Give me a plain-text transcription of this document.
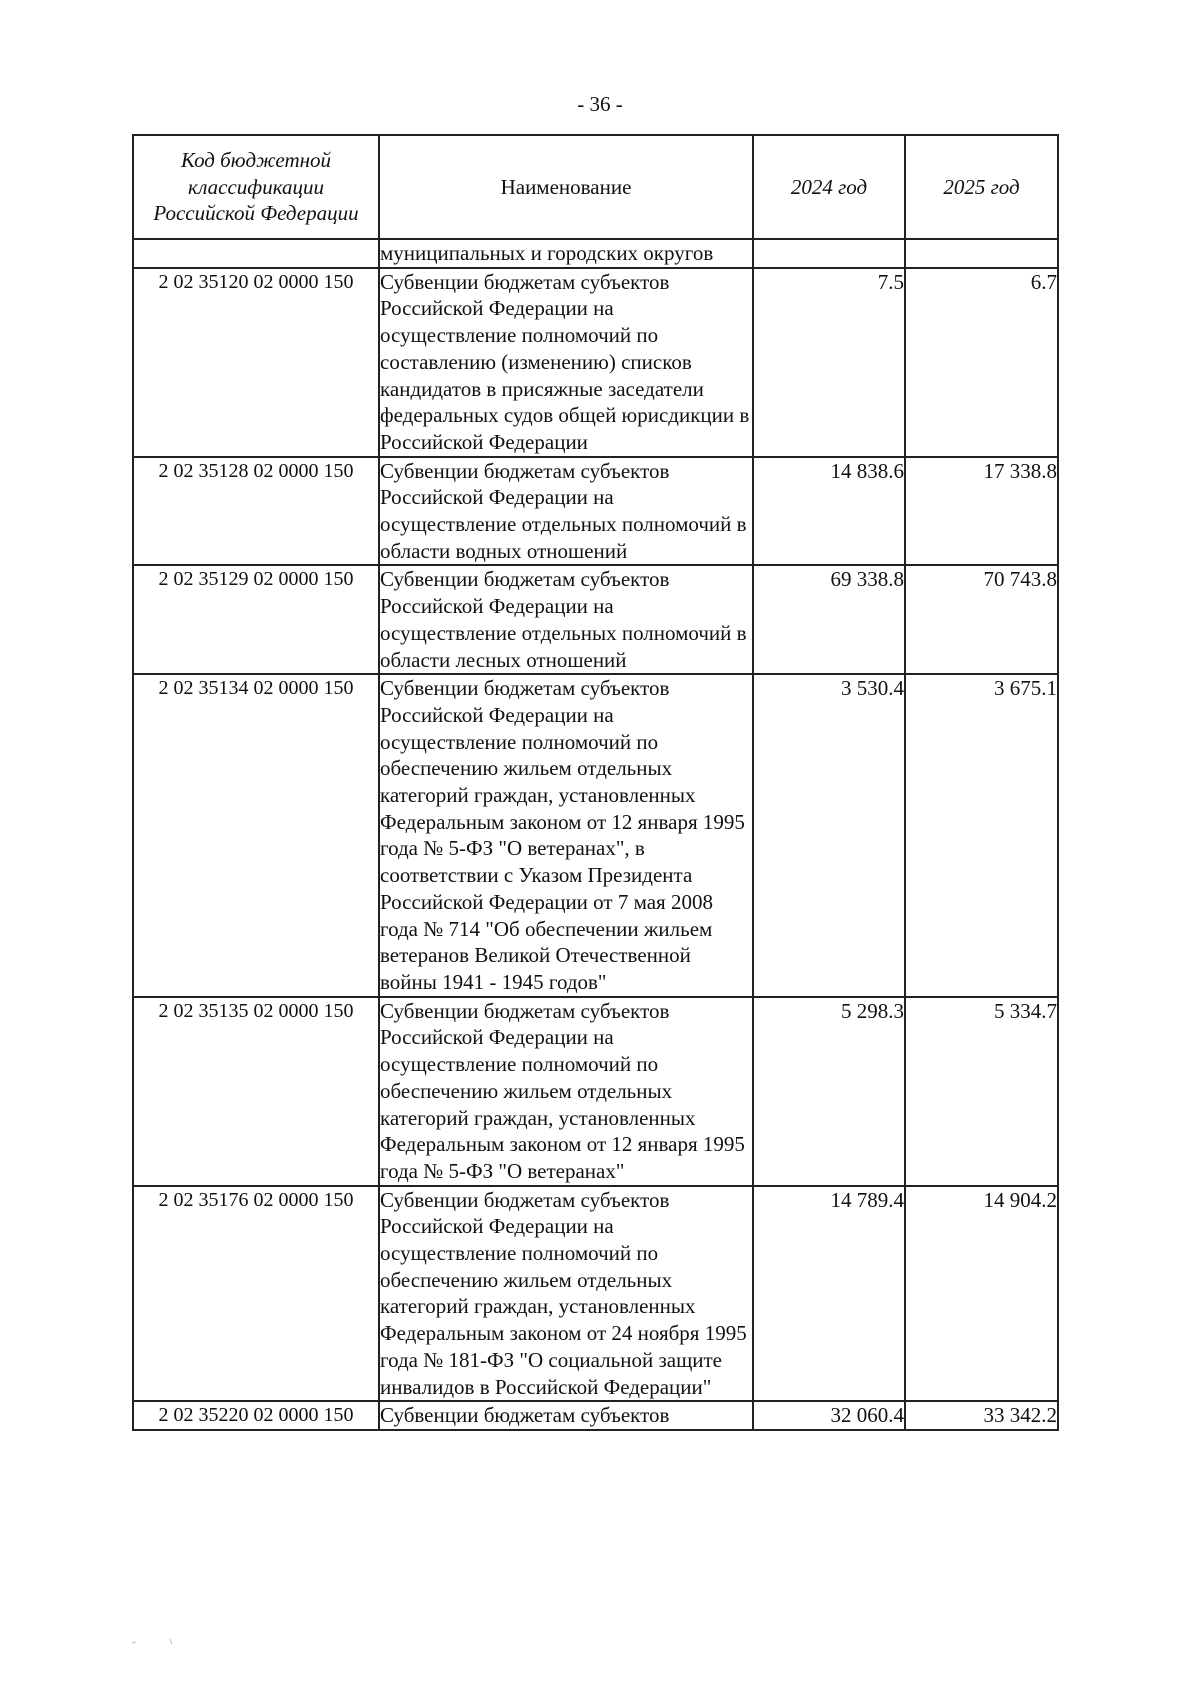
- 36 -
Код бюджетной классификации Российской Федерации	Наименование	2024 год	2025 год
	муниципальных и городских округов		
2 02 35120 02 0000 150	Субвенции бюджетам субъектов Российской Федерации на осуществление полномочий по составлению (изменению) списков кандидатов в присяжные заседатели федеральных судов общей юрисдикции в Российской Федерации	7.5	6.7
2 02 35128 02 0000 150	Субвенции бюджетам субъектов Российской Федерации на осуществление отдельных полномочий в области водных отношений	14 838.6	17 338.8
2 02 35129 02 0000 150	Субвенции бюджетам субъектов Российской Федерации на осуществление отдельных полномочий в области лесных отношений	69 338.8	70 743.8
2 02 35134 02 0000 150	Субвенции бюджетам субъектов Российской Федерации на осуществление полномочий по обеспечению жильем отдельных категорий граждан, установленных Федеральным законом от 12 января 1995 года № 5-ФЗ "О ветеранах", в соответствии с Указом Президента Российской Федерации от 7 мая 2008 года № 714 "Об обеспечении жильем ветеранов Великой Отечественной войны 1941 - 1945 годов"	3 530.4	3 675.1
2 02 35135 02 0000 150	Субвенции бюджетам субъектов Российской Федерации на осуществление полномочий по обеспечению жильем отдельных категорий граждан, установленных Федеральным законом от 12 января 1995 года № 5-ФЗ "О ветеранах"	5 298.3	5 334.7
2 02 35176 02 0000 150	Субвенции бюджетам субъектов Российской Федерации на осуществление полномочий по обеспечению жильем отдельных категорий граждан, установленных Федеральным законом от 24 ноября 1995 года № 181-ФЗ "О социальной защите инвалидов в Российской Федерации"	14 789.4	14 904.2
2 02 35220 02 0000 150	Субвенции бюджетам субъектов	32 060.4	33 342.2
